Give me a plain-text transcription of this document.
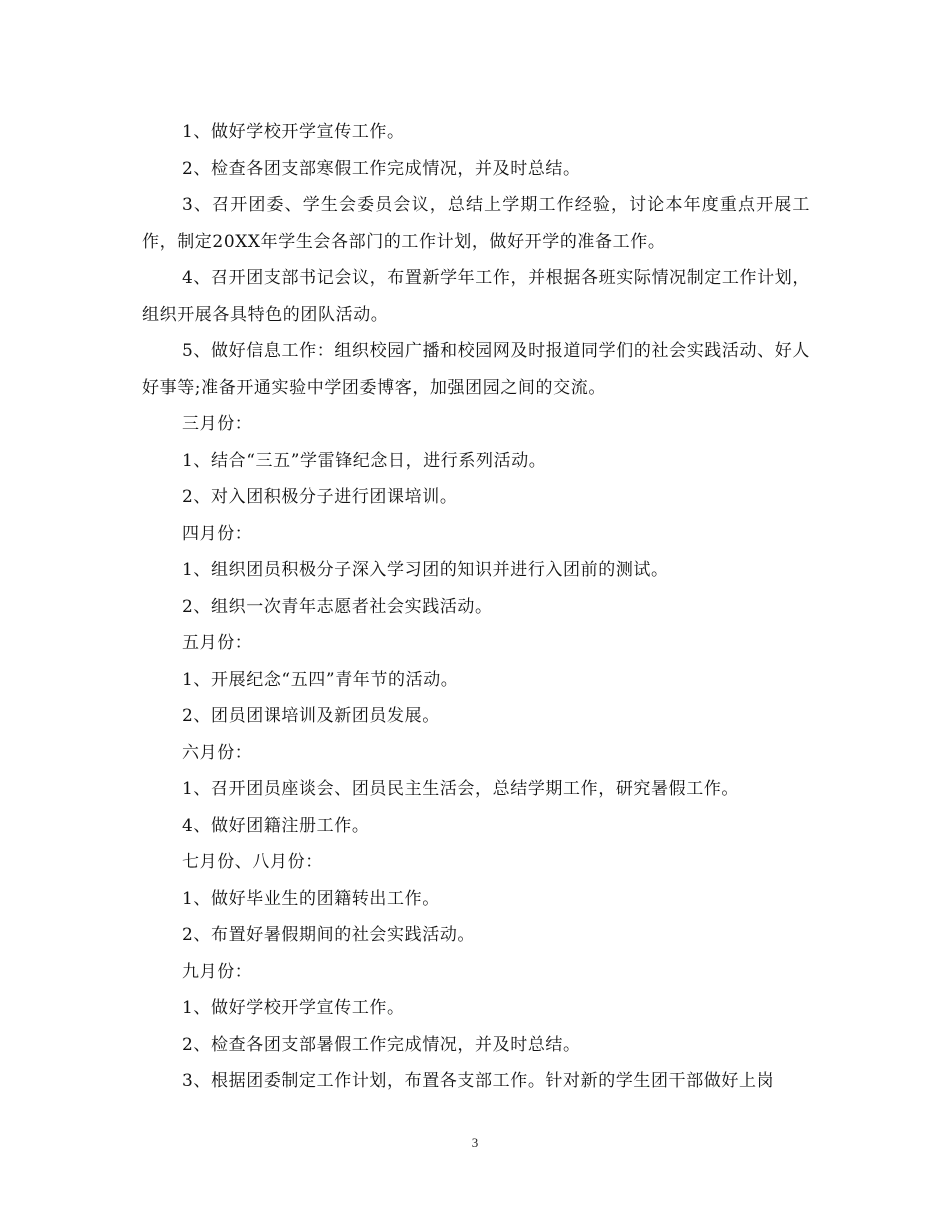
1、做好学校开学宣传工作。

2、检查各团支部寒假工作完成情况，并及时总结。

3、召开团委、学生会委员会议，总结上学期工作经验，讨论本年度重点开展工作，制定20XX年学生会各部门的工作计划，做好开学的准备工作。

4、召开团支部书记会议，布置新学年工作，并根据各班实际情况制定工作计划，组织开展各具特色的团队活动。

5、做好信息工作：组织校园广播和校园网及时报道同学们的社会实践活动、好人好事等;准备开通实验中学团委博客，加强团园之间的交流。

三月份：

1、结合“三五”学雷锋纪念日，进行系列活动。

2、对入团积极分子进行团课培训。

四月份：

1、组织团员积极分子深入学习团的知识并进行入团前的测试。

2、组织一次青年志愿者社会实践活动。

五月份：

1、开展纪念“五四”青年节的活动。

2、团员团课培训及新团员发展。

六月份：

1、召开团员座谈会、团员民主生活会，总结学期工作，研究暑假工作。

4、做好团籍注册工作。

七月份、八月份：

1、做好毕业生的团籍转出工作。

2、布置好暑假期间的社会实践活动。

九月份：

1、做好学校开学宣传工作。

2、检查各团支部暑假工作完成情况，并及时总结。

3、根据团委制定工作计划，布置各支部工作。针对新的学生团干部做好上岗

3
